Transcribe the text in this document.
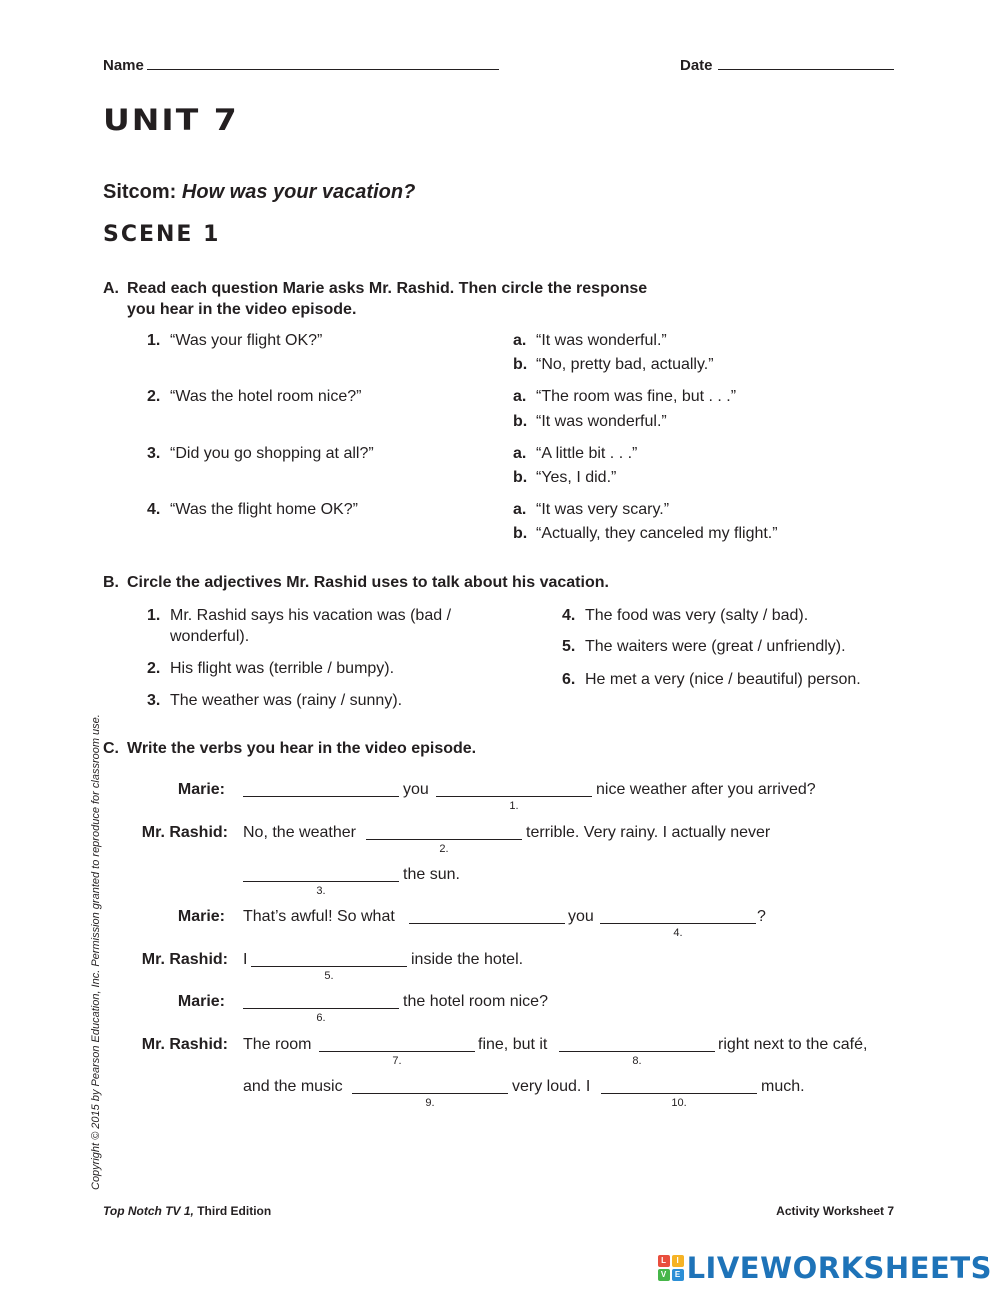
Name	Date
UNIT 7
Sitcom: How was your vacation?
SCENE 1
A. Read each question Marie asks Mr. Rashid. Then circle the response
you hear in the video episode.
1. “Was your flight OK?”	a. “It was wonderful.”
b. “No, pretty bad, actually.”
2. “Was the hotel room nice?”	a. “The room was fine, but . . .”
b. “It was wonderful.”
3. “Did you go shopping at all?”	a. “A little bit . . .”
b. “Yes, I did.”
4. “Was the flight home OK?”	a. “It was very scary.”
b. “Actually, they canceled my flight.”
B. Circle the adjectives Mr. Rashid uses to talk about his vacation.
1. Mr. Rashid says his vacation was (bad /
wonderful).
2. His flight was (terrible / bumpy).
3. The weather was (rainy / sunny).
4. The food was very (salty / bad).
5. The waiters were (great / unfriendly).
6. He met a very (nice / beautiful) person.
C. Write the verbs you hear in the video episode.
Marie:	you
1.
nice weather after you arrived?
Mr. Rashid: No, the weather
2.
terrible. Very rainy. I actually never
3.
the sun.
Marie: That’s awful! So what	you
4.
?
Mr. Rashid: I
5.
inside the hotel.
Marie:
6.
the hotel room nice?
Mr. Rashid: The room
7.
fine, but it
8.
right next to the café,
and the music
9.
very loud. I
10.
much.
Copyright © 2015 by Pearson Education, Inc. Permission granted to reproduce for classroom use.
Top Notch TV 1, Third Edition	Activity Worksheet 7
L	I
V	E LIVEWORKSHEETS
